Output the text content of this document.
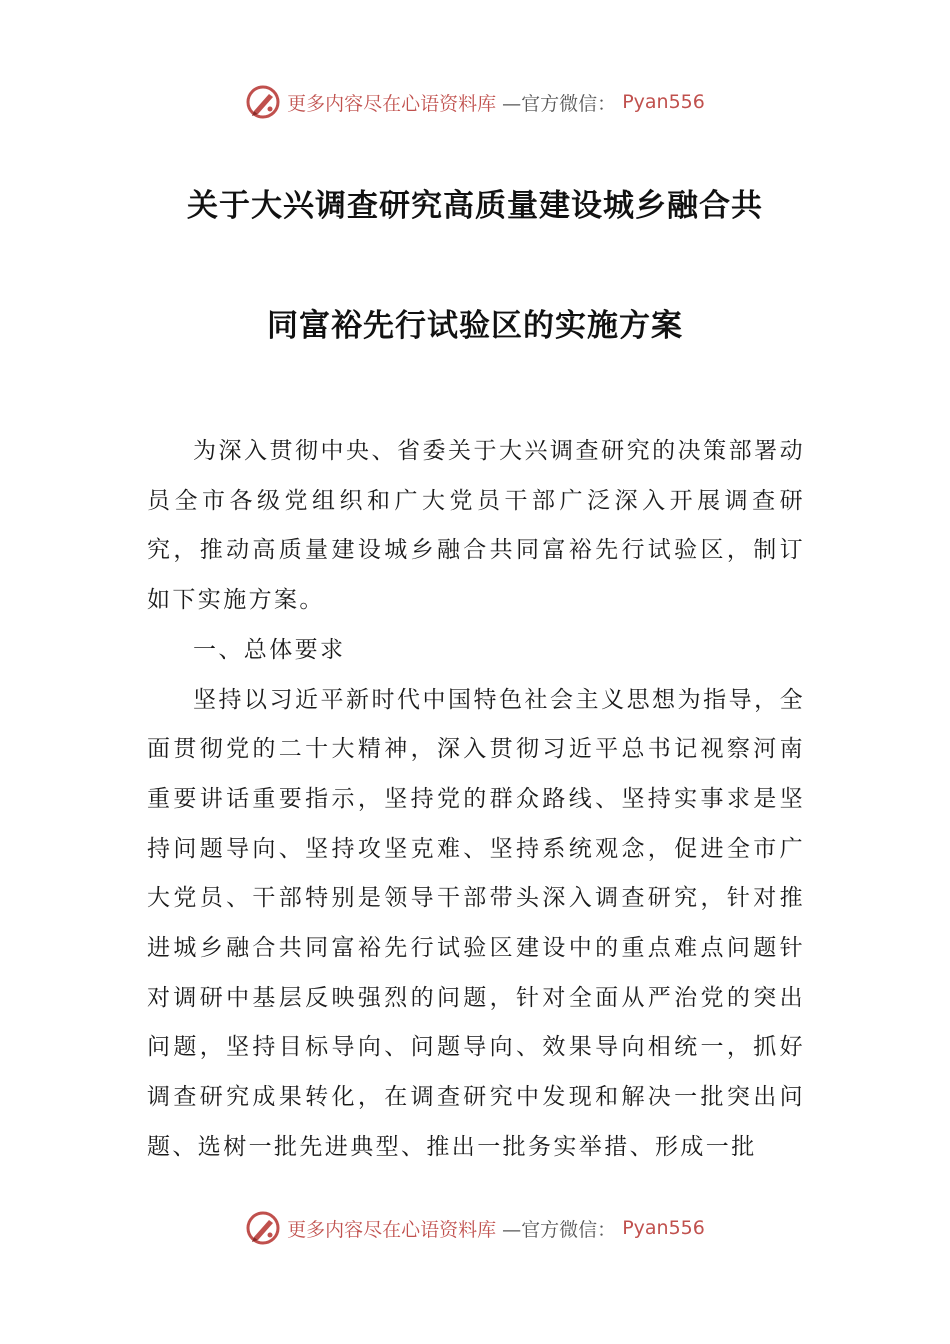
更多内容尽在心语资料库 —官方微信： Pyan556
关于大兴调查研究高质量建设城乡融合共
同富裕先行试验区的实施方案

为深入贯彻中央、省委关于大兴调查研究的决策部署动员全市各级党组织和广大党员干部广泛深入开展调查研究，推动高质量建设城乡融合共同富裕先行试验区，制订如下实施方案。

一、总体要求

坚持以习近平新时代中国特色社会主义思想为指导，全面贯彻党的二十大精神，深入贯彻习近平总书记视察河南重要讲话重要指示，坚持党的群众路线、坚持实事求是坚持问题导向、坚持攻坚克难、坚持系统观念，促进全市广大党员、干部特别是领导干部带头深入调查研究，针对推进城乡融合共同富裕先行试验区建设中的重点难点问题针对调研中基层反映强烈的问题，针对全面从严治党的突出问题，坚持目标导向、问题导向、效果导向相统一，抓好调查研究成果转化，在调查研究中发现和解决一批突出问题、选树一批先进典型、推出一批务实举措、形成一批

更多内容尽在心语资料库 —官方微信： Pyan556
